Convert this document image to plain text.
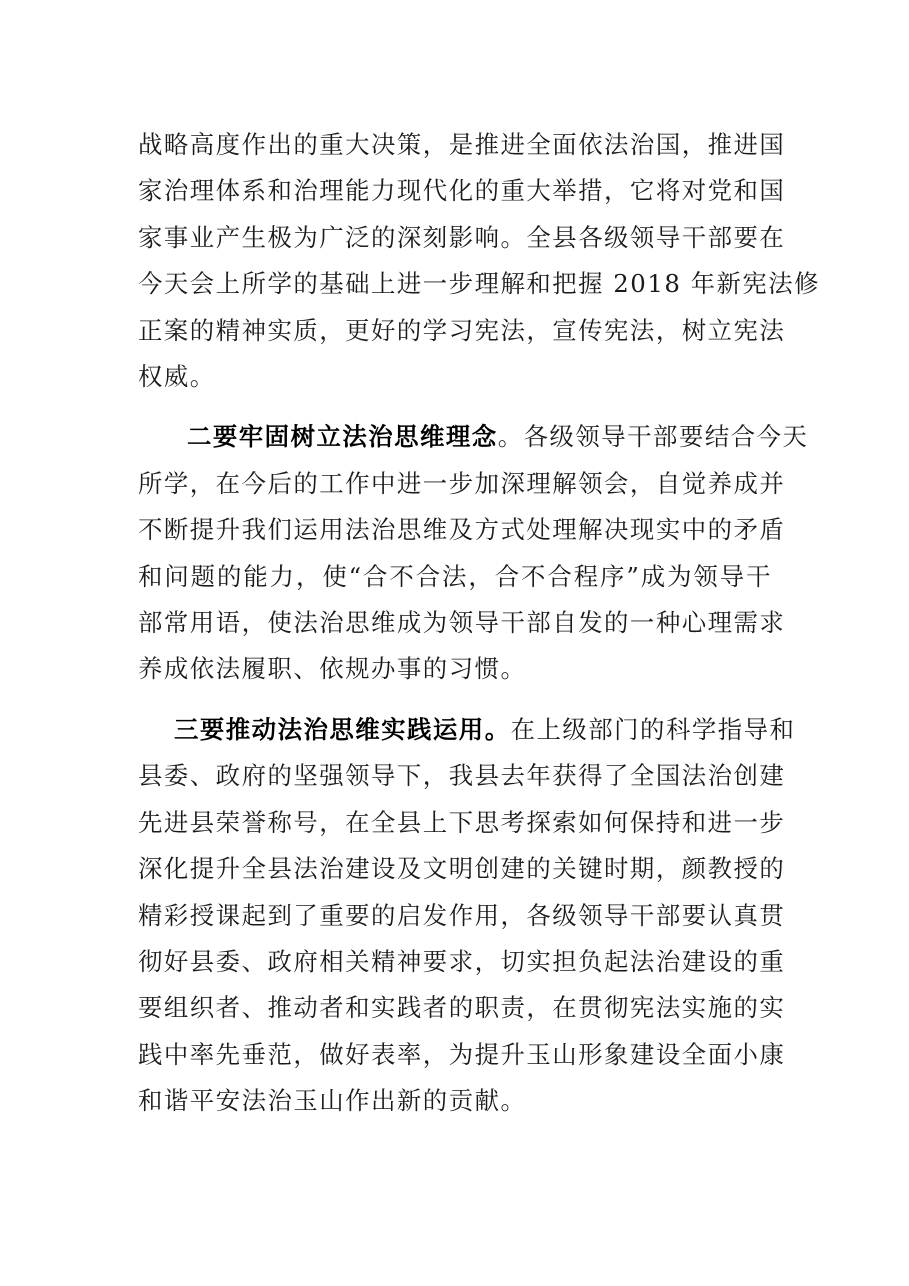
战略高度作出的重大决策，是推进全面依法治国，推进国
家治理体系和治理能力现代化的重大举措，它将对党和国
家事业产生极为广泛的深刻影响。全县各级领导干部要在
今天会上所学的基础上进一步理解和把握 2018 年新宪法修
正案的精神实质，更好的学习宪法，宣传宪法，树立宪法
权威。
二要牢固树立法治思维理念。各级领导干部要结合今天
所学，在今后的工作中进一步加深理解领会，自觉养成并
不断提升我们运用法治思维及方式处理解决现实中的矛盾
和问题的能力，使“合不合法，合不合程序”成为领导干
部常用语，使法治思维成为领导干部自发的一种心理需求
养成依法履职、依规办事的习惯。
三要推动法治思维实践运用。在上级部门的科学指导和
县委、政府的坚强领导下，我县去年获得了全国法治创建
先进县荣誉称号，在全县上下思考探索如何保持和进一步
深化提升全县法治建设及文明创建的关键时期，颜教授的
精彩授课起到了重要的启发作用，各级领导干部要认真贯
彻好县委、政府相关精神要求，切实担负起法治建设的重
要组织者、推动者和实践者的职责，在贯彻宪法实施的实
践中率先垂范，做好表率，为提升玉山形象建设全面小康
和谐平安法治玉山作出新的贡献。
